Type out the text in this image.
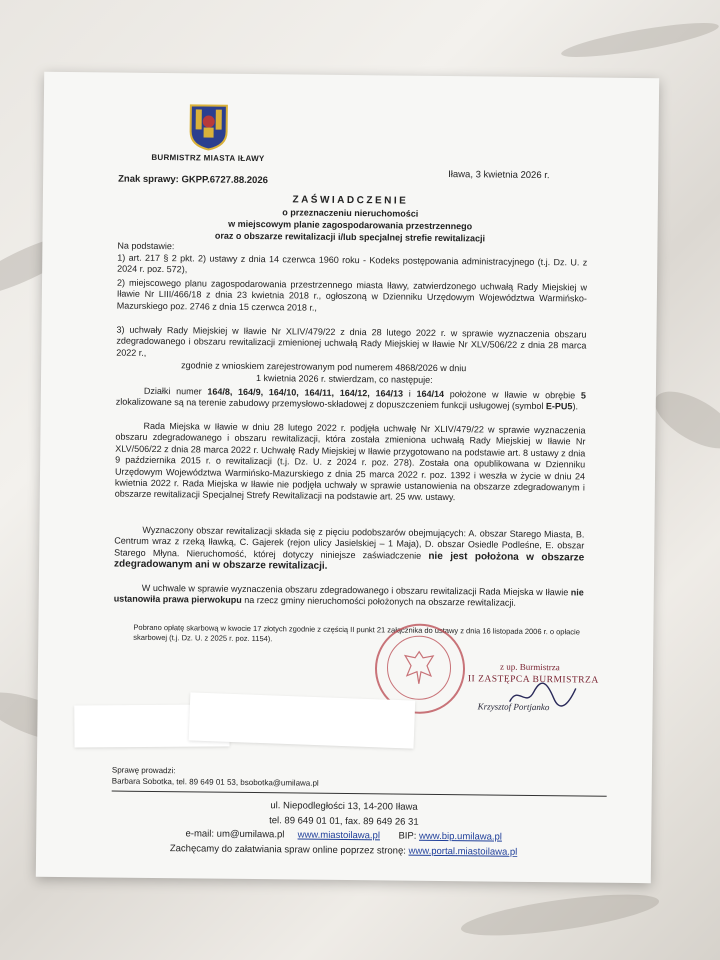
BURMISTRZ MIASTA IŁAWY
Znak sprawy: GKPP.6727.88.2026	Iława, 3 kwietnia 2026 r.
ZAŚWIADCZENIE
o przeznaczeniu nieruchomości
w miejscowym planie zagospodarowania przestrzennego
oraz o obszarze rewitalizacji i/lub specjalnej strefie rewitalizacji
Na podstawie:
1) art. 217 § 2 pkt. 2) ustawy z dnia 14 czerwca 1960 roku - Kodeks postępowania administracyjnego (t.j. Dz. U. z 2024 r. poz. 572),
2) miejscowego planu zagospodarowania przestrzennego miasta Iławy, zatwierdzonego uchwałą Rady Miejskiej w Iławie Nr LIII/466/18 z dnia 23 kwietnia 2018 r., ogłoszoną w Dzienniku Urzędowym Województwa Warmińsko-Mazurskiego poz. 2746 z dnia 15 czerwca 2018 r.,
3) uchwały Rady Miejskiej w Iławie Nr XLIV/479/22 z dnia 28 lutego 2022 r. w sprawie wyznaczenia obszaru zdegradowanego i obszaru rewitalizacji zmienionej uchwałą Rady Miejskiej w Iławie Nr XLV/506/22 z dnia 28 marca 2022 r.,
zgodnie z wnioskiem zarejestrowanym pod numerem 4868/2026 w dniu
1 kwietnia 2026 r. stwierdzam, co następuje:
Działki numer 164/8, 164/9, 164/10, 164/11, 164/12, 164/13 i 164/14 położone w Iławie w obrębie 5 zlokalizowane są na terenie zabudowy przemysłowo-składowej z dopuszczeniem funkcji usługowej (symbol E-PU5).
Rada Miejska w Iławie w dniu 28 lutego 2022 r. podjęła uchwałę Nr XLIV/479/22 w sprawie wyznaczenia obszaru zdegradowanego i obszaru rewitalizacji, która została zmieniona uchwałą Rady Miejskiej w Iławie Nr XLV/506/22 z dnia 28 marca 2022 r. Uchwałę Rady Miejskiej w Iławie przygotowano na podstawie art. 8 ustawy z dnia 9 października 2015 r. o rewitalizacji (t.j. Dz. U. z 2024 r. poz. 278). Została ona opublikowana w Dzienniku Urzędowym Województwa Warmińsko-Mazurskiego z dnia 25 marca 2022 r. poz. 1392 i weszła w życie w dniu 24 kwietnia 2022 r. Rada Miejska w Iławie nie podjęła uchwały w sprawie ustanowienia na obszarze zdegradowanym i obszarze rewitalizacji Specjalnej Strefy Rewitalizacji na podstawie art. 25 ww. ustawy.
Wyznaczony obszar rewitalizacji składa się z pięciu podobszarów obejmujących: A. obszar Starego Miasta, B. Centrum wraz z rzeką Iławką, C. Gajerek (rejon ulicy Jasielskiej – 1 Maja), D. obszar Osiedle Podleśne, E. obszar Starego Młyna. Nieruchomość, której dotyczy niniejsze zaświadczenie nie jest położona w obszarze zdegradowanym ani w obszarze rewitalizacji.
W uchwale w sprawie wyznaczenia obszaru zdegradowanego i obszaru rewitalizacji Rada Miejska w Iławie nie ustanowiła prawa pierwokupu na rzecz gminy nieruchomości położonych na obszarze rewitalizacji.
Pobrano opłatę skarbową w kwocie 17 złotych zgodnie z częścią II punkt 21 załącznika do ustawy z dnia 16 listopada 2006 r. o opłacie skarbowej (t.j. Dz. U. z 2025 r. poz. 1154).
z up. Burmistrza
II ZASTĘPCA BURMISTRZA
Krzysztof Portjanko
Sprawę prowadzi:
Barbara Sobotka, tel. 89 649 01 53, bsobotka@umilawa.pl
ul. Niepodległości 13, 14-200 Iława
tel. 89 649 01 01, fax. 89 649 26 31
e-mail: um@umilawa.pl www.miastoilawa.pl BIP: www.bip.umilawa.pl
Zachęcamy do załatwiania spraw online poprzez stronę: www.portal.miastoilawa.pl
